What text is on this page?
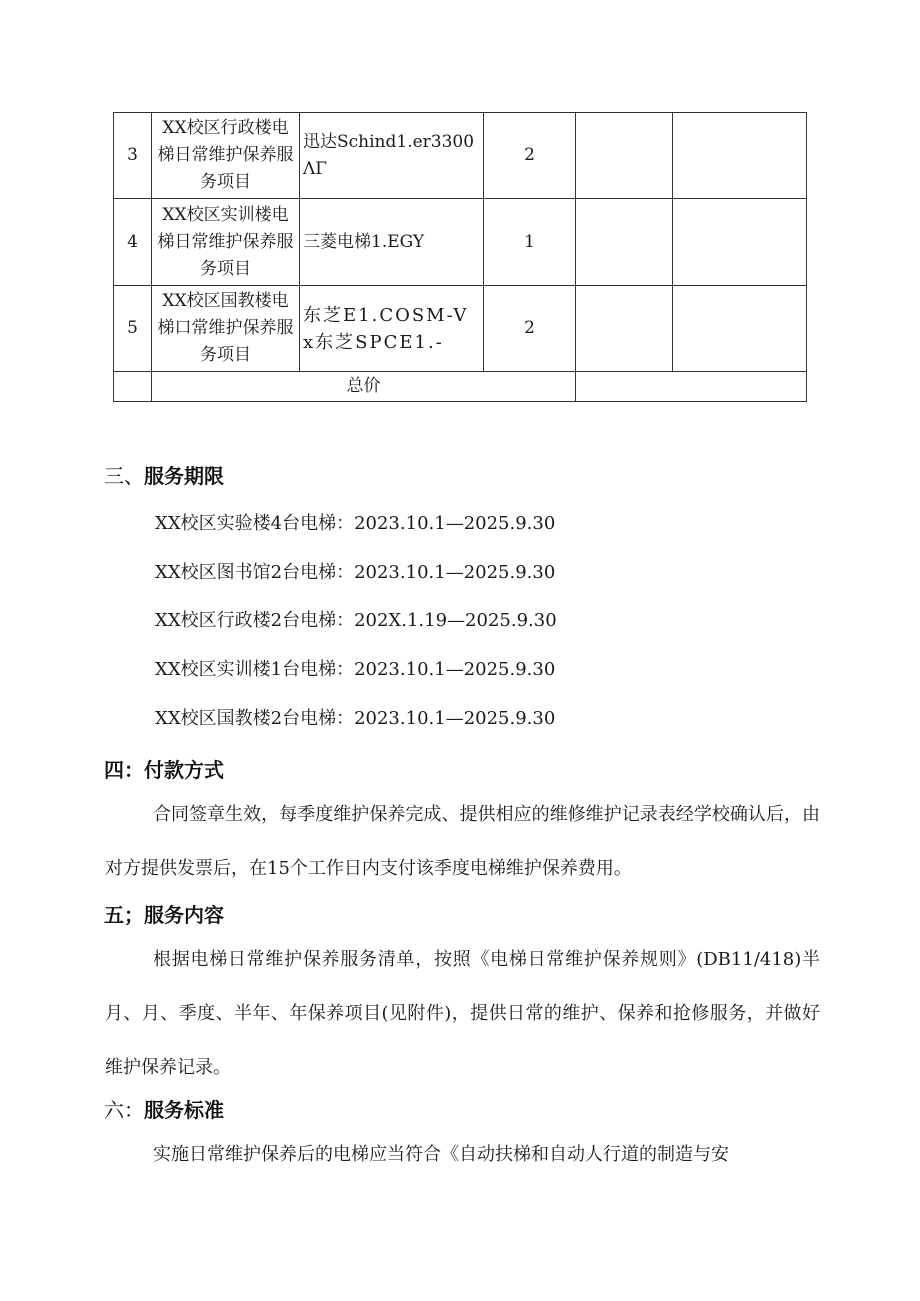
3	XX校区行政楼电梯日常维护保养服务项目	迅达Schind1.er3300ΛΓ	2		
4	XX校区实训楼电梯日常维护保养服务项目	三菱电梯1.EGY	1		
5	XX校区国教楼电梯口常维护保养服务项目	东芝E1.COSM-Vx东芝SPCE1.-	2		
	总价				
三、服务期限
XX校区实验楼4台电梯：2023.10.1—2025.9.30
XX校区图书馆2台电梯：2023.10.1—2025.9.30
XX校区行政楼2台电梯：202X.1.19—2025.9.30
XX校区实训楼1台电梯：2023.10.1—2025.9.30
XX校区国教楼2台电梯：2023.10.1—2025.9.30
四：付款方式
合同签章生效，每季度维护保养完成、提供相应的维修维护记录表经学校确认后，由对方提供发票后，在15个工作日内支付该季度电梯维护保养费用。
五；服务内容
根据电梯日常维护保养服务清单，按照《电梯日常维护保养规则》(DB11/418)半月、月、季度、半年、年保养项目(见附件)，提供日常的维护、保养和抢修服务，并做好维护保养记录。
六：服务标准
实施日常维护保养后的电梯应当符合《自动扶梯和自动人行道的制造与安
